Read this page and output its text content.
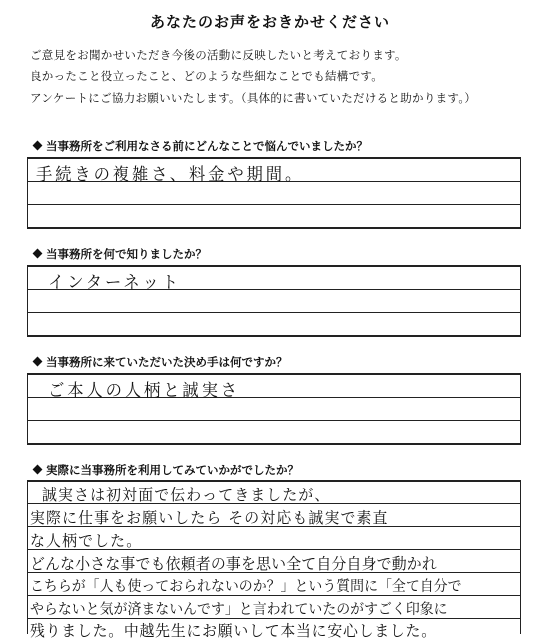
あなたのお声をおきかせください
ご意見をお聞かせいただき今後の活動に反映したいと考えております。
良かったこと役立ったこと、どのような些細なことでも結構です。
アンケートにご協力お願いいたします。（具体的に書いていただけると助かります。）
当事務所をご利用なさる前にどんなことで悩んでいましたか？
手続きの複雑さ、料金や期間。
当事務所を何で知りましたか？
インターネット
当事務所に来ていただいた決め手は何ですか？
ご本人の人柄と誠実さ
実際に当事務所を利用してみていかがでしたか？
誠実さは初対面で伝わってきましたが、
実際に仕事をお願いしたら その対応も誠実で素直
な人柄でした。
どんな小さな事でも依頼者の事を思い全て自分自身で動かれ
こちらが「人も使っておられないのか？」という質問に「全て自分で
やらないと気が済まないんです」と言われていたのがすごく印象に
残りました。中越先生にお願いして本当に安心しました。
